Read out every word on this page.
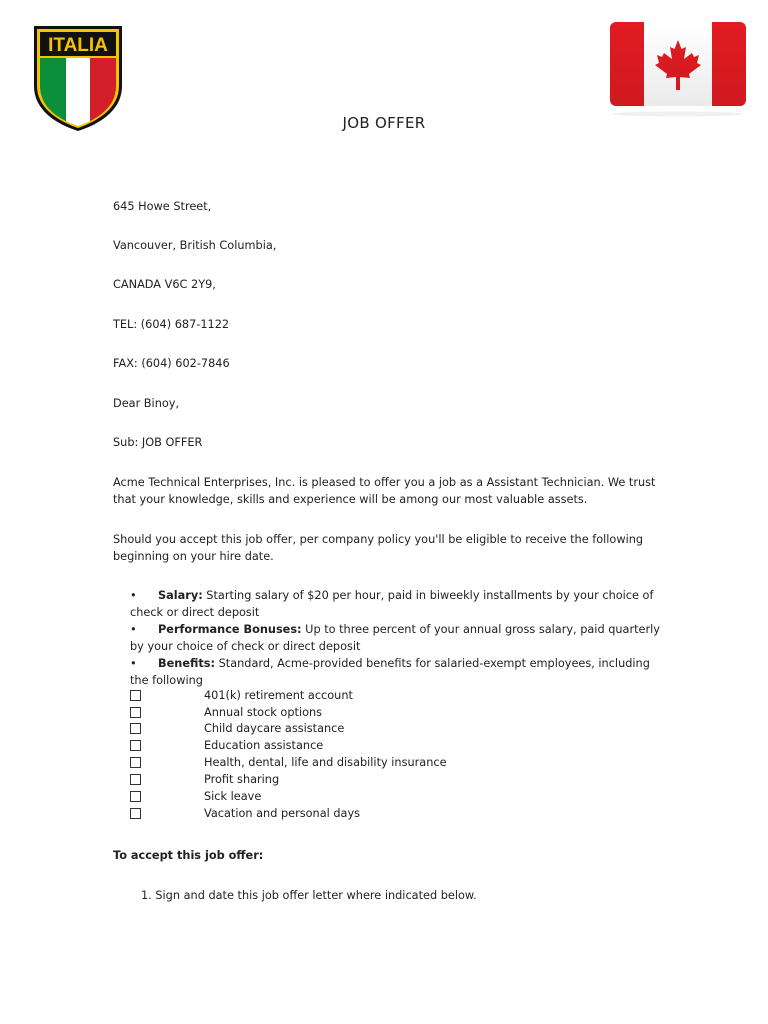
ITALIA
JOB OFFER
645 Howe Street,
Vancouver, British Columbia,
CANADA V6C 2Y9,
TEL: (604) 687-1122
FAX: (604) 602-7846
Dear Binoy,
Sub: JOB OFFER
Acme Technical Enterprises, Inc. is pleased to offer you a job as a Assistant Technician. We trust that your knowledge, skills and experience will be among our most valuable assets.
Should you accept this job offer, per company policy you'll be eligible to receive the following beginning on your hire date.
•	Salary: Starting salary of $20 per hour, paid in biweekly installments by your choice of check or direct deposit
•	Performance Bonuses: Up to three percent of your annual gross salary, paid quarterly by your choice of check or direct deposit
•	Benefits: Standard, Acme-provided benefits for salaried-exempt employees, including the following
401(k) retirement account
Annual stock options
Child daycare assistance
Education assistance
Health, dental, life and disability insurance
Profit sharing
Sick leave
Vacation and personal days
To accept this job offer:
1. Sign and date this job offer letter where indicated below.
